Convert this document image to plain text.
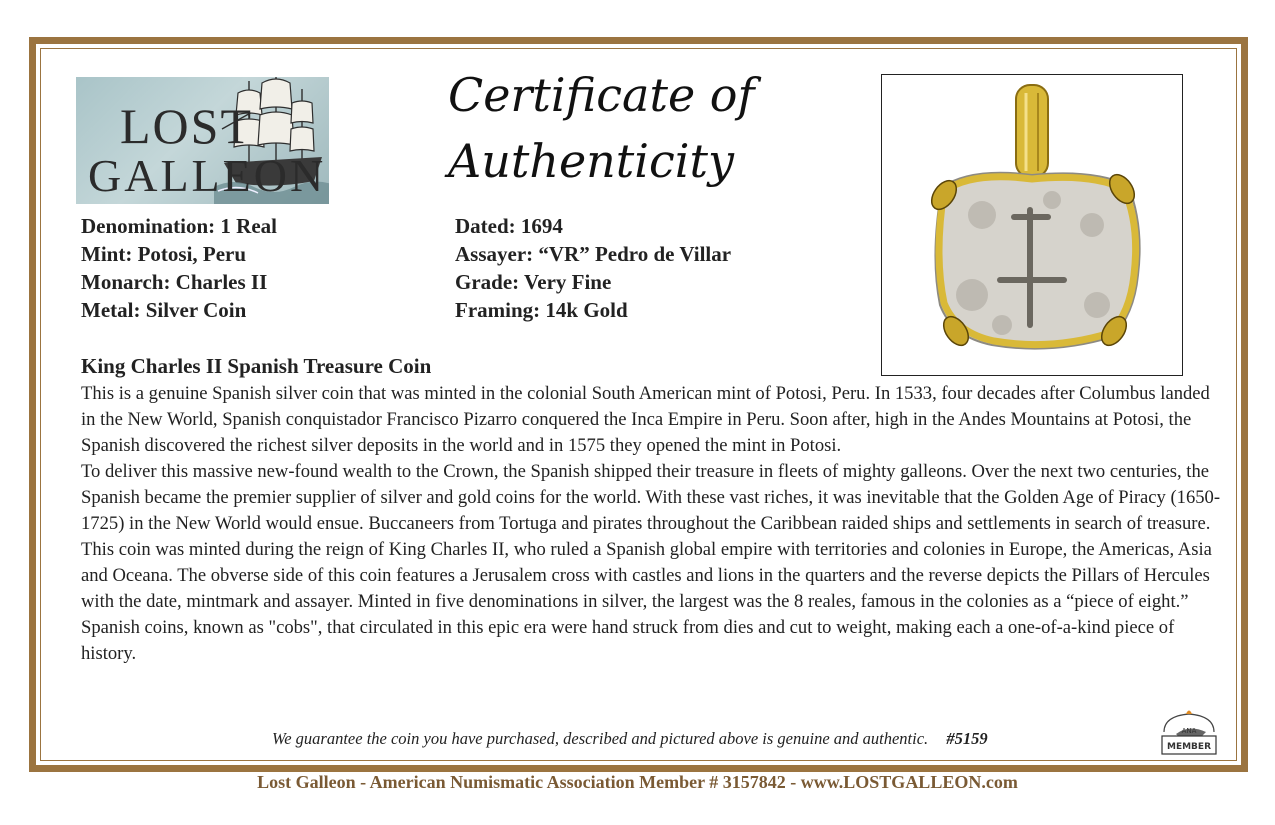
LOST
GALLEON
Certificate of
Authenticity
Denomination: 1 Real
Mint: Potosi, Peru
Monarch: Charles II
Metal: Silver Coin
Dated: 1694
Assayer: “VR” Pedro de Villar
Grade: Very Fine
Framing: 14k Gold
King Charles II Spanish Treasure Coin

This is a genuine Spanish silver coin that was minted in the colonial South American mint of Potosi, Peru. In 1533, four decades after Columbus landed in the New World, Spanish conquistador Francisco Pizarro conquered the Inca Empire in Peru. Soon after, high in the Andes Mountains at Potosi, the Spanish discovered the richest silver deposits in the world and in 1575 they opened the mint in Potosi.

To deliver this massive new-found wealth to the Crown, the Spanish shipped their treasure in fleets of mighty galleons. Over the next two centuries, the Spanish became the premier supplier of silver and gold coins for the world. With these vast riches, it was inevitable that the Golden Age of Piracy (1650-1725) in the New World would ensue. Buccaneers from Tortuga and pirates throughout the Caribbean raided ships and settlements in search of treasure.

This coin was minted during the reign of King Charles II, who ruled a Spanish global empire with territories and colonies in Europe, the Americas, Asia and Oceana. The obverse side of this coin features a Jerusalem cross with castles and lions in the quarters and the reverse depicts the Pillars of Hercules with the date, mintmark and assayer. Minted in five denominations in silver, the largest was the 8 reales, famous in the colonies as a “piece of eight.” Spanish coins, known as "cobs", that circulated in this epic era were hand struck from dies and cut to weight, making each a one-of-a-kind piece of history.

We guarantee the coin you have purchased, described and pictured above is genuine and authentic. #5159	ANA
MEMBER
Lost Galleon - American Numismatic Association Member # 3157842 - www.LOSTGALLEON.com
